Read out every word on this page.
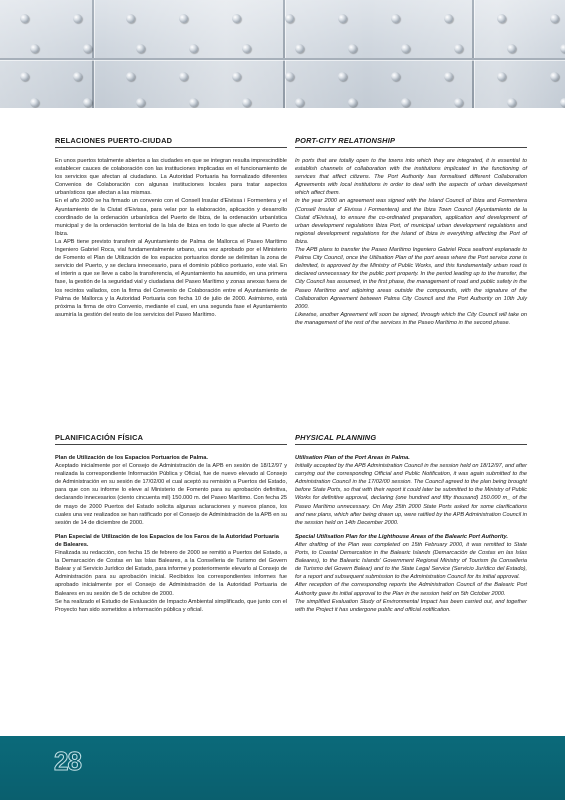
RELACIONES PUERTO-CIUDAD

En unos puertos totalmente abiertos a las ciudades en que se integran resulta imprescindible establecer cauces de colaboración con las instituciones implicadas en el funcionamiento de los servicios que afectan al ciudadano. La Autoridad Portuaria ha formalizado diferentes Convenios de Colaboración con algunas instituciones locales para tratar aspectos urbanísticos que afectan a las mismas.

En el año 2000 se ha firmado un convenio con el Consell Insular d'Eivissa i Formentera y el Ayuntamiento de la Ciutat d'Eivissa, para velar por la elaboración, aplicación y desarrollo coordinado de la ordenación urbanística del Puerto de Ibiza, de la ordenación urbanística municipal y de la ordenación territorial de la Isla de Ibiza en todo lo que afecte al Puerto de Ibiza.

La APB tiene previsto transferir al Ayuntamiento de Palma de Mallorca el Paseo Marítimo Ingeniero Gabriel Roca, vial fundamentalmente urbano, una vez aprobado por el Ministerio de Fomento el Plan de Utilización de los espacios portuarios donde se delimitan la zona de servicio del Puerto, y se declara innecesario, para el dominio público portuario, este vial. En el interin a que se lleve a cabo la transferencia, el Ayuntamiento ha asumido, en una primera fase, la gestión de la seguridad vial y ciudadana del Paseo Marítimo y zonas anexas fuera de los recintos vallados, con la firma del Convenio de Colaboración entre el Ayuntamiento de Palma de Mallorca y la Autoridad Portuaria con fecha 10 de julio de 2000. Asimismo, está próxima la firma de otro Convenio, mediante el cual, en una segunda fase el Ayuntamiento asumiría la gestión del resto de los servicios del Paseo Marítimo.

PLANIFICACIÓN FÍSICA
Plan de Utilización de los Espacios Portuarios de Palma.

Aceptado inicialmente por el Consejo de Administración de la APB en sesión de 18/12/97 y realizada la correspondiente Información Pública y Oficial, fue de nuevo elevado al Consejo de Administración en su sesión de 17/02/00 el cual aceptó su remisión a Puertos del Estado, para que con su informe lo eleve al Ministerio de Fomento para su aprobación definitiva, declarando innecesarios (ciento cincuenta mil) 150.000 m. del Paseo Marítimo. Con fecha 25 de mayo de 2000 Puertos del Estado solicita algunas aclaraciones y nuevos planos, los cuales una vez realizados se han ratificado por el Consejo de Administración de la APB en su sesión de 14 de diciembre de 2000.

Plan Especial de Utilización de los Espacios de los Faros de la Autoridad Portuaria de Baleares.

Finalizada su redacción, con fecha 15 de febrero de 2000 se remitió a Puertos del Estado, a la Demarcación de Costas en las Islas Baleares, a la Conselleria de Turismo del Govern Balear y al Servicio Jurídico del Estado, para informe y posteriormente elevarlo al Consejo de Administración para su aprobación inicial. Recibidos los correspondientes informes fue aprobado inicialmente por el Consejo de Administración de la Autoridad Portuaria de Baleares en su sesión de 5 de octubre de 2000.

Se ha realizado el Estudio de Evaluación de Impacto Ambiental simplificado, que junto con el Proyecto han sido sometidos a información pública y oficial.

PORT-CITY RELATIONSHIP

In ports that are totally open to the towns into which they are integrated, it is essential to establish channels of collaboration with the institutions implicated in the functioning of services that affect citizens. The Port Authority has formalised different Collaboration Agreements with local institutions in order to deal with the aspects of urban development which affect them.

In the year 2000 an agreement was signed with the Island Council of Ibiza and Formentera (Consell Insular d' Eivissa i Formentera) and the Ibiza Town Council (Ayuntamiento de la Ciutat d'Eivissa), to ensure the co-ordinated preparation, application and development of urban development regulations Ibiza Port, of municipal urban development regulations and regional development regulations for the Island of Ibiza in everything affecting the Port of Ibiza.

The APB plans to transfer the Paseo Marítimo Ingeniero Gabriel Roca seafront esplanade to Palma City Council, once the Utilisation Plan of the port areas where the Port service zone is delimited, is approved by the Ministry of Public Works, and this fundamentally urban road is declared unnecessary for the public port property. In the period leading up to the transfer, the City Council has assumed, in the first phase, the management of road and public safety in the Paseo Marítimo and adjoining areas outside the compounds, with the signature of the Collaboration Agreement between Palma City Council and the Port Authority on 10th July 2000.

Likewise, another Agreement will soon be signed, through which the City Council will take on the management of the rest of the services in the Paseo Marítimo in the second phase.

PHYSICAL PLANNING
Utilisation Plan of the Port Areas in Palma.

Initially accepted by the APB Administration Council in the session held on 18/12/97, and after carrying out the corresponding Official and Public Notification, it was again submitted to the Administration Council in the 17/02/00 session. The Council agreed to the plan being brought before State Ports, so that with their report it could later be submitted to the Ministry of Public Works for definitive approval, declaring (one hundred and fifty thousand) 150.000 m_ of the Paseo Marítimo unnecessary. On May 25th 2000 State Ports asked for some clarifications and new plans, which after being drawn up, were ratified by the APB Administration Council in the session held on 14th December 2000.

Special Utilisation Plan for the Lighthouse Areas of the Balearic Port Authority.

After drafting of the Plan was completed on 15th February 2000, it was remitted to State Ports, to Coastal Demarcation in the Balearic Islands (Demarcación de Costas en las Islas Baleares), to the Balearic Islands' Government Regional Ministry of Tourism (la Conselleria de Turismo del Govern Balear) and to the State Legal Service (Servicio Jurídico del Estado), for a report and subsequent submission to the Administration Council for its initial approval.

After reception of the corresponding reports the Administration Council of the Balearic Port Authority gave its initial approval to the Plan in the session held on 5th October 2000.

The simplified Evaluation Study of Environmental Impact has been carried out, and together with the Project it has undergone public and official notification.

28
